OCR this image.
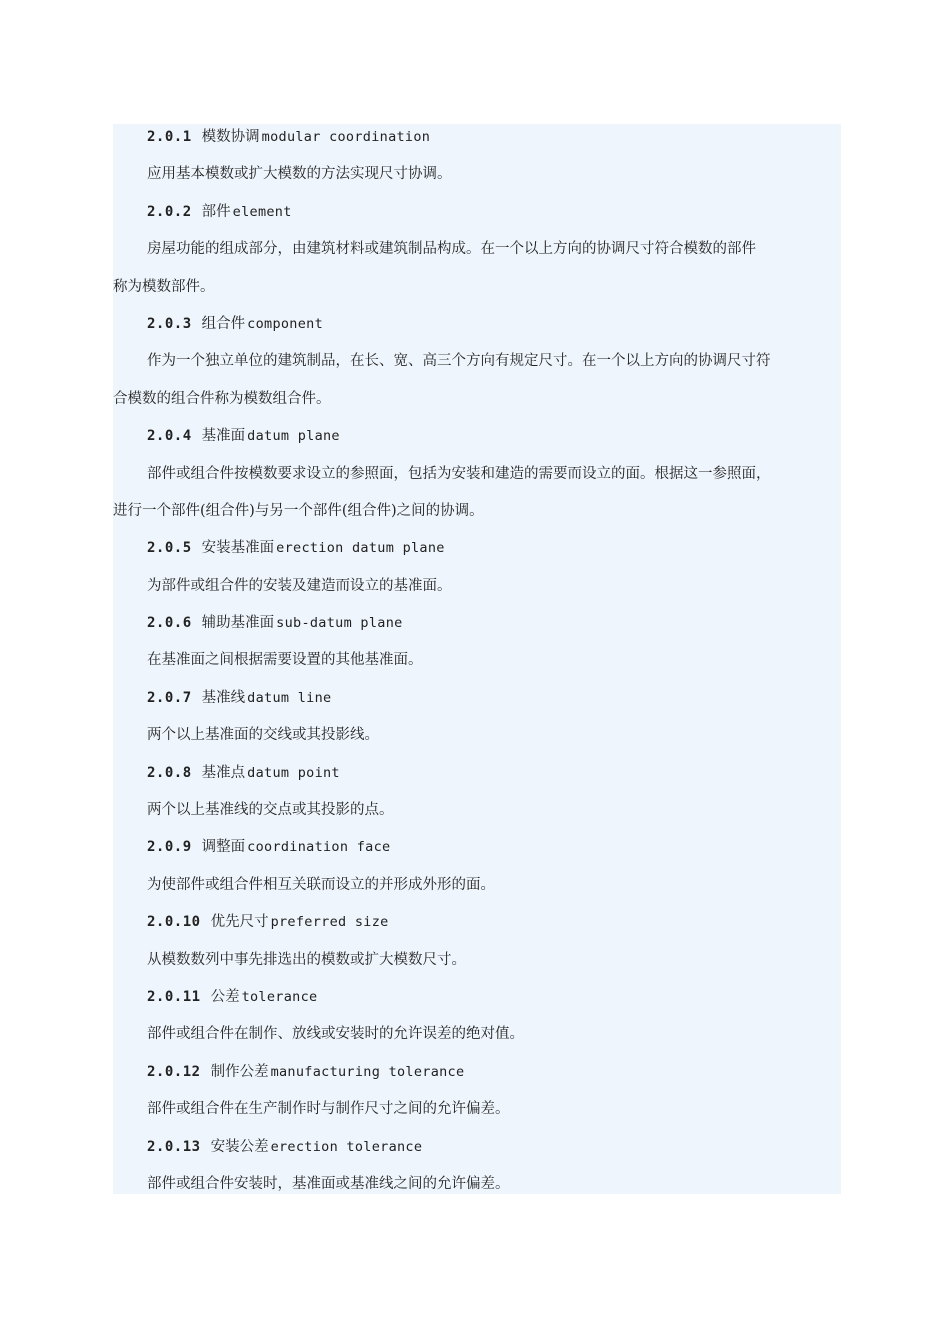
2.0.1 模数协调 modular coordination
应用基本模数或扩大模数的方法实现尺寸协调。
2.0.2 部件 element
房屋功能的组成部分，由建筑材料或建筑制品构成。在一个以上方向的协调尺寸符合模数的部件
称为模数部件。
2.0.3 组合件 component
作为一个独立单位的建筑制品，在长、宽、高三个方向有规定尺寸。在一个以上方向的协调尺寸符
合模数的组合件称为模数组合件。
2.0.4 基准面 datum plane
部件或组合件按模数要求设立的参照面，包括为安装和建造的需要而设立的面。根据这一参照面，
进行一个部件(组合件)与另一个部件(组合件)之间的协调。
2.0.5 安装基准面 erection datum plane
为部件或组合件的安装及建造而设立的基准面。
2.0.6 辅助基准面 sub-datum plane
在基准面之间根据需要设置的其他基准面。
2.0.7 基准线 datum line
两个以上基准面的交线或其投影线。
2.0.8 基准点 datum point
两个以上基准线的交点或其投影的点。
2.0.9 调整面 coordination face
为使部件或组合件相互关联而设立的并形成外形的面。
2.0.10 优先尺寸 preferred size
从模数数列中事先排选出的模数或扩大模数尺寸。
2.0.11 公差 tolerance
部件或组合件在制作、放线或安装时的允许误差的绝对值。
2.0.12 制作公差 manufacturing tolerance
部件或组合件在生产制作时与制作尺寸之间的允许偏差。
2.0.13 安装公差 erection tolerance
部件或组合件安装时，基准面或基准线之间的允许偏差。
